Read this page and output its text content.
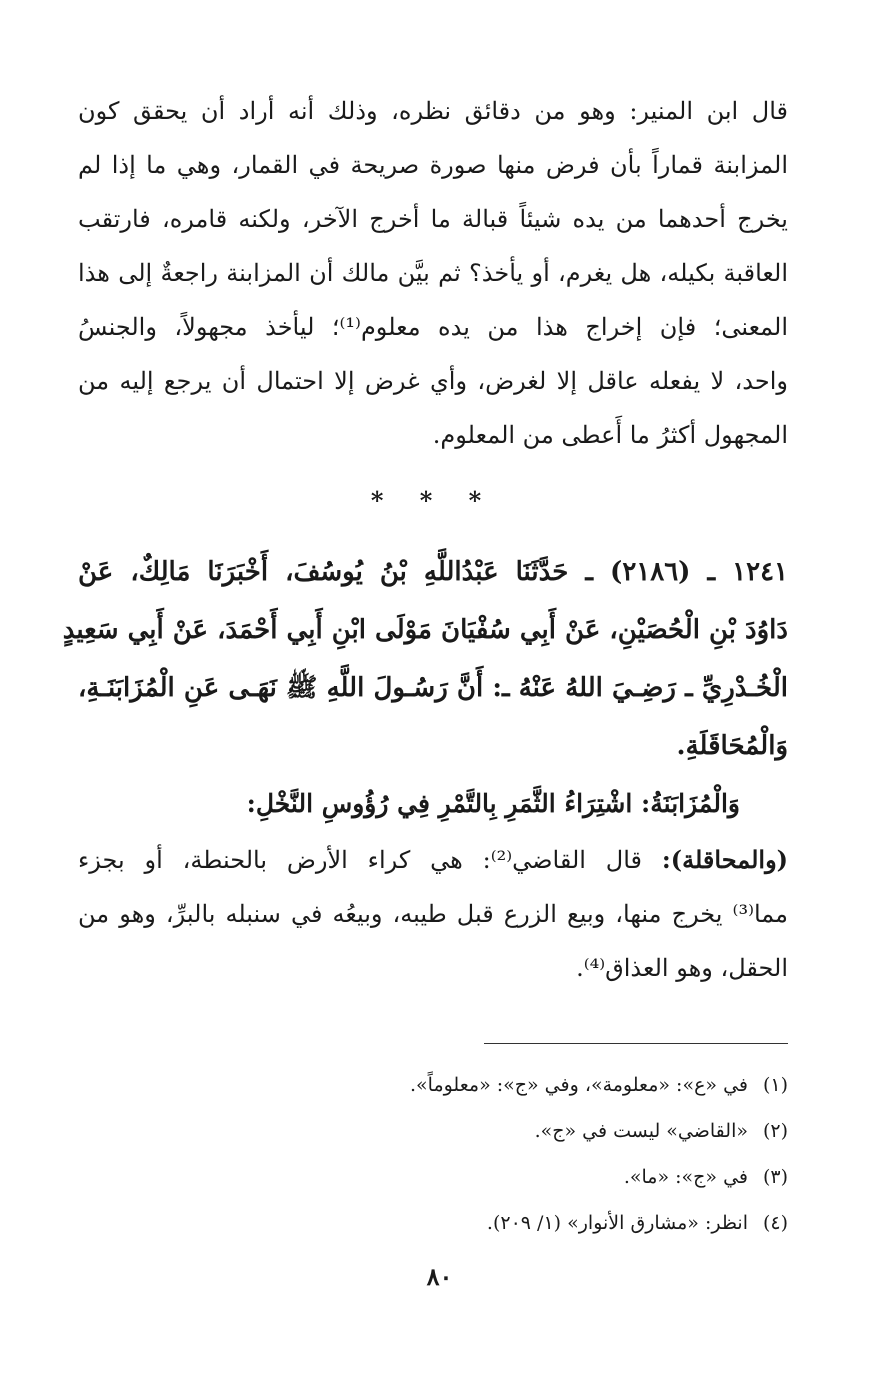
قال ابن المنير: وهو من دقائق نظره، وذلك أنه أراد أن يحقق كون
المزابنة قماراً بأن فرض منها صورة صريحة في القمار، وهي ما إذا لم
يخرج أحدهما من يده شيئاً قبالة ما أخرج الآخر، ولكنه قامره، فارتقب
العاقبة بكيله، هل يغرم، أو يأخذ؟ ثم بيَّن مالك أن المزابنة راجعةٌ إلى هذا
المعنى؛ فإن إخراج هذا من يده معلوم⁽¹⁾؛ ليأخذ مجهولاً، والجنسُ
واحد، لا يفعله عاقل إلا لغرض، وأي غرض إلا احتمال أن يرجع إليه من
المجهول أكثرُ ما أَعطى من المعلوم.
* * *
١٢٤١ ـ (٢١٨٦) ـ حَدَّثَنَا عَبْدُاللَّهِ بْنُ يُوسُفَ، أَخْبَرَنَا مَالِكٌ، عَنْ
دَاوُدَ بْنِ الْحُصَيْنِ، عَنْ أَبِي سُفْيَانَ مَوْلَى ابْنِ أَبِي أَحْمَدَ، عَنْ أَبِي سَعِيدٍ
الْخُـدْرِيِّ ـ رَضِـيَ اللهُ عَنْهُ ـ: أَنَّ رَسُـولَ اللَّهِ ﷺ نَهَـى عَنِ الْمُزَابَنَـةِ،
وَالْمُحَاقَلَةِ.
وَالْمُزَابَنَةُ: اشْتِرَاءُ الثَّمَرِ بِالتَّمْرِ فِي رُؤُوسِ النَّخْلِ:
(والمحاقلة): قال القاضي⁽²⁾: هي كراء الأرض بالحنطة، أو بجزء
مما⁽³⁾ يخرج منها، وبيع الزرع قبل طيبه، وبيعُه في سنبله بالبرِّ، وهو من
الحقل، وهو العذاق⁽⁴⁾.
(١)في «ع»: «معلومة»، وفي «ج»: «معلوماً».
(٢)«القاضي» ليست في «ج».
(٣)في «ج»: «ما».
(٤)انظر: «مشارق الأنوار» (١/ ٢٠٩).
٨٠
